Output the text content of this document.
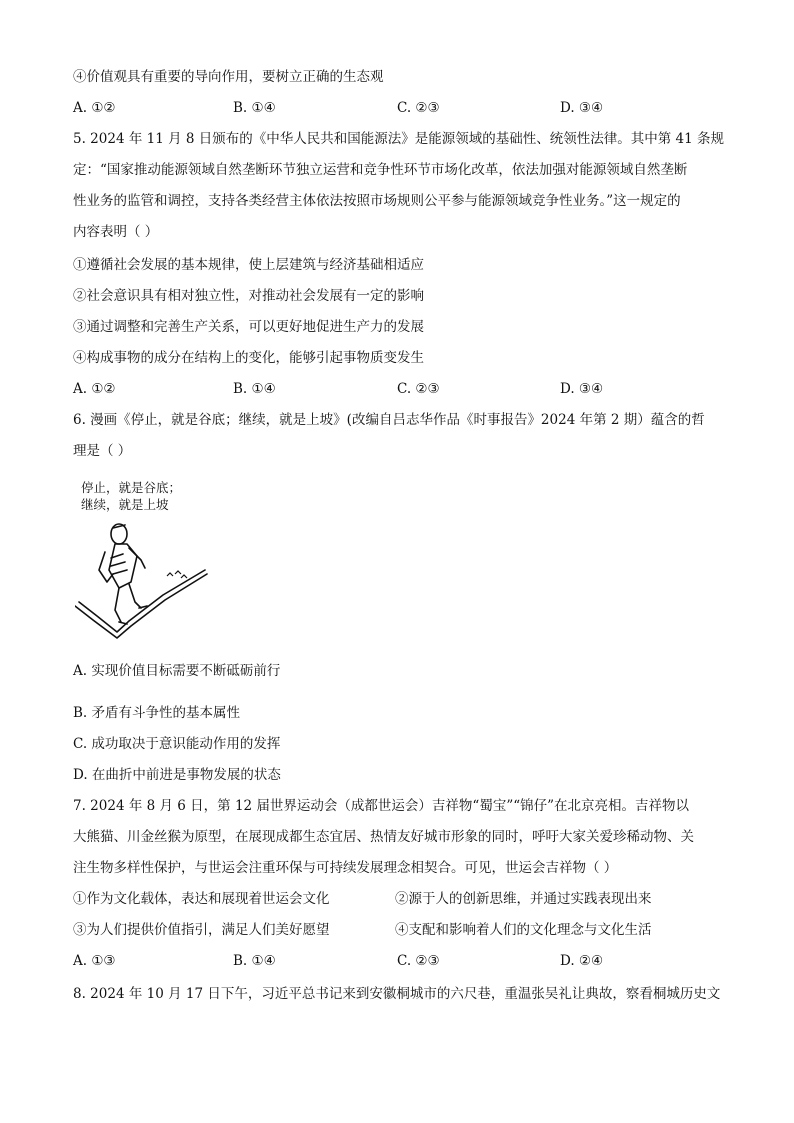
④价值观具有重要的导向作用，要树立正确的生态观
A. ①②	B. ①④	C. ②③	D. ③④
5. 2024 年 11 月 8 日颁布的《中华人民共和国能源法》是能源领域的基础性、统领性法律。其中第 41 条规
定：“国家推动能源领域自然垄断环节独立运营和竞争性环节市场化改革，依法加强对能源领域自然垄断
性业务的监管和调控，支持各类经营主体依法按照市场规则公平参与能源领域竞争性业务。”这一规定的
内容表明（ ）
①遵循社会发展的基本规律，使上层建筑与经济基础相适应
②社会意识具有相对独立性，对推动社会发展有一定的影响
③通过调整和完善生产关系，可以更好地促进生产力的发展
④构成事物的成分在结构上的变化，能够引起事物质变发生
A. ①②	B. ①④	C. ②③	D. ③④
6. 漫画《停止，就是谷底；继续，就是上坡》(改编自吕志华作品《时事报告》2024 年第 2 期）蕴含的哲
理是（ ）
停止，就是谷底；
继续，就是上坡
A. 实现价值目标需要不断砥砺前行
B. 矛盾有斗争性的基本属性
C. 成功取决于意识能动作用的发挥
D. 在曲折中前进是事物发展的状态
7. 2024 年 8 月 6 日，第 12 届世界运动会（成都世运会）吉祥物“蜀宝”“锦仔”在北京亮相。吉祥物以
大熊猫、川金丝猴为原型，在展现成都生态宜居、热情友好城市形象的同时，呼吁大家关爱珍稀动物、关
注生物多样性保护，与世运会注重环保与可持续发展理念相契合。可见，世运会吉祥物（ ）
①作为文化载体，表达和展现着世运会文化	②源于人的创新思维，并通过实践表现出来
③为人们提供价值指引，满足人们美好愿望	④支配和影响着人们的文化理念与文化生活
A. ①③	B. ①④	C. ②③	D. ②④
8. 2024 年 10 月 17 日下午，习近平总书记来到安徽桐城市的六尺巷，重温张吴礼让典故，察看桐城历史文
